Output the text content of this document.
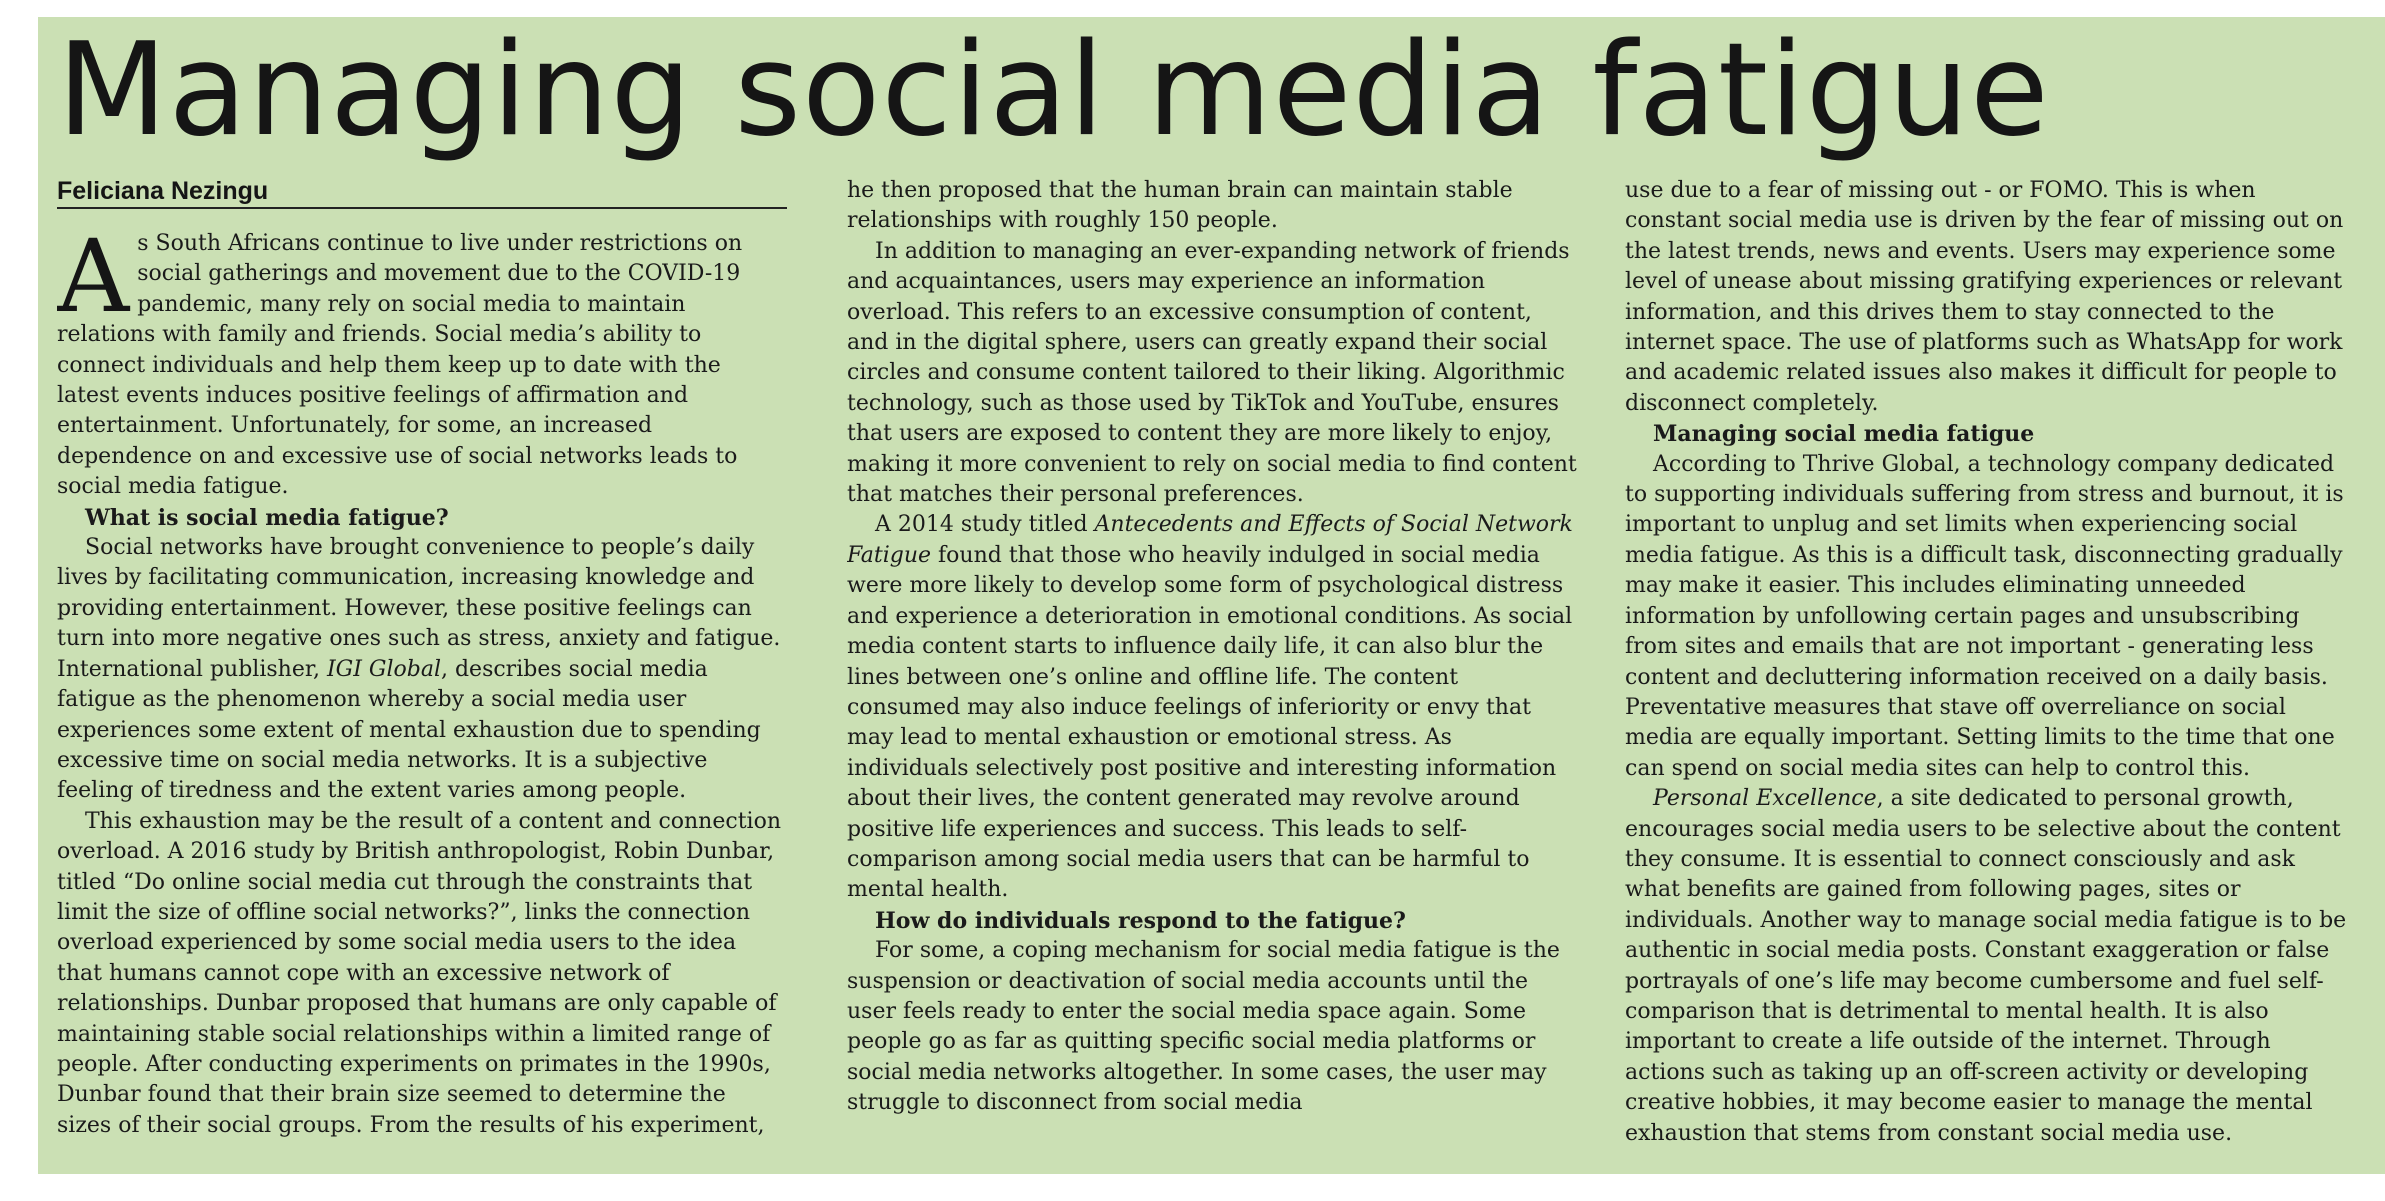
Managing social media fatigue
Feliciana Nezingu

As South Africans continue to live under restrictions on social gatherings and movement due to the COVID-19 pandemic, many rely on social media to maintain relations with family and friends. Social media’s ability to connect individuals and help them keep up to date with the latest events induces positive feelings of affirmation and entertainment. Unfortunately, for some, an increased dependence on and excessive use of social networks leads to social media fatigue.

What is social media fatigue?

Social networks have brought convenience to people’s daily lives by facilitating communication, increasing knowledge and providing entertainment. However, these positive feelings can turn into more negative ones such as stress, anxiety and fatigue. International publisher, IGI Global, describes social media fatigue as the phenomenon whereby a social media user experiences some extent of mental exhaustion due to spending excessive time on social media networks. It is a subjective feeling of tiredness and the extent varies among people.

This exhaustion may be the result of a content and connection overload. A 2016 study by British anthropologist, Robin Dunbar, titled “Do online social media cut through the constraints that limit the size of offline social networks?”, links the connection overload experienced by some social media users to the idea that humans cannot cope with an excessive network of relationships. Dunbar proposed that humans are only capable of maintaining stable social relationships within a limited range of people. After conducting experiments on primates in the 1990s, Dunbar found that their brain size seemed to determine the sizes of their social groups. From the results of his experiment,

he then proposed that the human brain can maintain stable relationships with roughly 150 people.

In addition to managing an ever-expanding network of friends and acquaintances, users may experience an information overload. This refers to an excessive consumption of content, and in the digital sphere, users can greatly expand their social circles and consume content tailored to their liking. Algorithmic technology, such as those used by TikTok and YouTube, ensures that users are exposed to content they are more likely to enjoy, making it more convenient to rely on social media to find content that matches their personal preferences.

A 2014 study titled Antecedents and Effects of Social Network Fatigue found that those who heavily indulged in social media were more likely to develop some form of psychological distress and experience a deterioration in emotional conditions. As social media content starts to influence daily life, it can also blur the lines between one’s online and offline life. The content consumed may also induce feelings of inferiority or envy that may lead to mental exhaustion or emotional stress. As individuals selectively post positive and interesting information about their lives, the content generated may revolve around positive life experiences and success. This leads to self-comparison among social media users that can be harmful to mental health.

How do individuals respond to the fatigue?

For some, a coping mechanism for social media fatigue is the suspension or deactivation of social media accounts until the user feels ready to enter the social media space again. Some people go as far as quitting specific social media platforms or social media networks altogether. In some cases, the user may struggle to disconnect from social media

use due to a fear of missing out - or FOMO. This is when constant social media use is driven by the fear of missing out on the latest trends, news and events. Users may experience some level of unease about missing gratifying experiences or relevant information, and this drives them to stay connected to the internet space. The use of platforms such as WhatsApp for work and academic related issues also makes it difficult for people to disconnect completely.

Managing social media fatigue

According to Thrive Global, a technology company dedicated to supporting individuals suffering from stress and burnout, it is important to unplug and set limits when experiencing social media fatigue. As this is a difficult task, disconnecting gradually may make it easier. This includes eliminating unneeded information by unfollowing certain pages and unsubscribing from sites and emails that are not important - generating less content and decluttering information received on a daily basis. Preventative measures that stave off overreliance on social media are equally important. Setting limits to the time that one can spend on social media sites can help to control this.

Personal Excellence, a site dedicated to personal growth, encourages social media users to be selective about the content they consume. It is essential to connect consciously and ask what benefits are gained from following pages, sites or individuals. Another way to manage social media fatigue is to be authentic in social media posts. Constant exaggeration or false portrayals of one’s life may become cumbersome and fuel self-comparison that is detrimental to mental health. It is also important to create a life outside of the internet. Through actions such as taking up an off-screen activity or developing creative hobbies, it may become easier to manage the mental exhaustion that stems from constant social media use.
